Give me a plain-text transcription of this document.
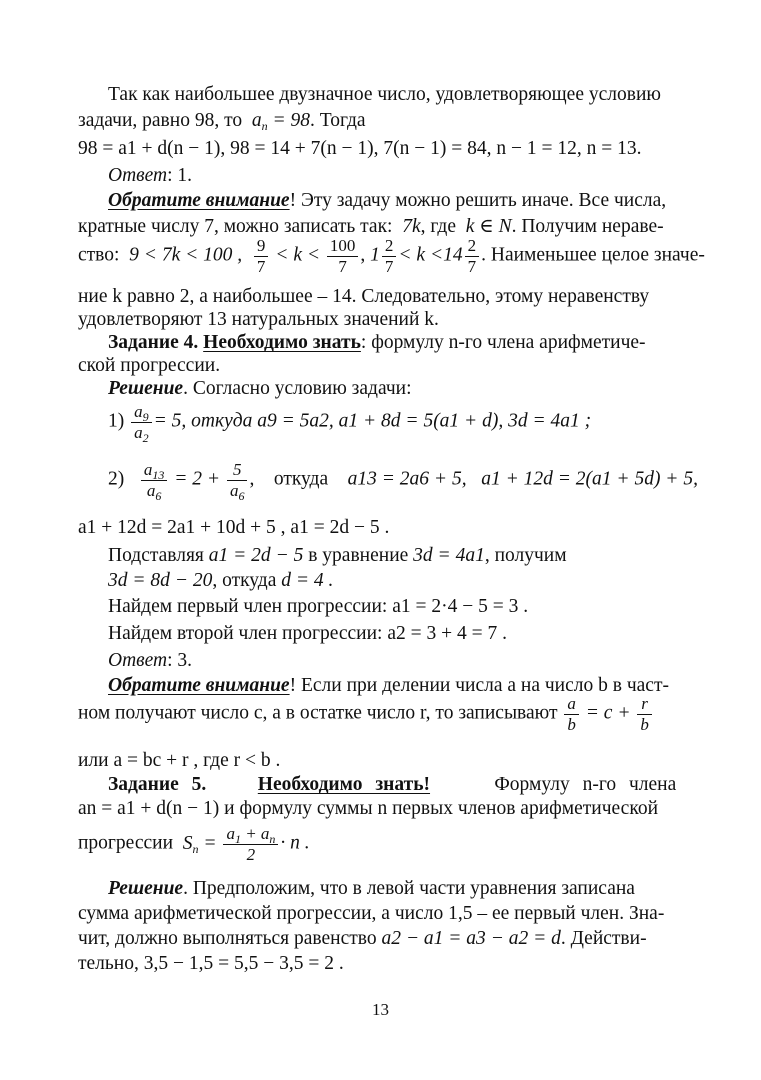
Так как наибольшее двузначное число, удовлетворяющее условию
задачи, равно 98, то  $a_n = 98$. Тогда
98 = a1 + d(n − 1), 98 = 14 + 7(n − 1), 7(n − 1) = 84, n − 1 = 12, n = 13.
Ответ: 1.
Обратите внимание! Эту задачу можно решить иначе. Все числа,
кратные числу 7, можно записать так:  7k, где  k ∈ N. Получим нераве-
ство:  9 < 7k < 100 , $\frac{9}{7} < k < \frac{100}{7}$ , $1 \frac{2}{7} < k <14 \frac{2}{7}$ . Наименьшее целое значе-
ние k равно 2, а наибольшее – 14. Следовательно, этому неравенству
удовлетворяют 13 натуральных значений k.
Задание 4. Необходимо знать: формулу n-го члена арифметиче-
ской прогрессии.
Решение. Согласно условию задачи:
$1) \frac{a_9}{a_2} = 5$, откуда a9 = 5a2, a1 + 8d = 5(a1 + d), 3d = 4a1 ;
$2) \frac{a_{13}}{a_6} = 2 + \frac{5}{a_6}$ ,    откуда a13 = 2a6 + 5, a1 + 12d = 2(a1 + 5d) + 5,
a1 + 12d = 2a1 + 10d + 5 , a1 = 2d − 5 .
Подставляя a1 = 2d − 5 в уравнение 3d = 4a1, получим
3d = 8d − 20, откуда d = 4 .
Найдем первый член прогрессии: a1 = 2·4 − 5 = 3 .
Найдем второй член прогрессии: a2 = 3 + 4 = 7 .
Ответ: 3.
Обратите внимание! Если при делении числа a на число b в част-
ном получают число c, а в остатке число r, то записывают $\frac{a}{b} = c + \frac{r}{b}$
или a = bc + r , где r < b .
Задание 5.    Необходимо знать!	Формулу n-го члена
an = a1 + d(n − 1) и формулу суммы n первых членов арифметической
прогрессии $S_n = \frac{a_1 + a_n}{2} \cdot n$ .
Решение. Предположим, что в левой части уравнения записана
сумма арифметической прогрессии, а число 1,5 – ее первый член. Зна-
чит, должно выполняться равенство a2 − a1 = a3 − a2 = d. Действи-
тельно, 3,5 − 1,5 = 5,5 − 3,5 = 2 .
13
